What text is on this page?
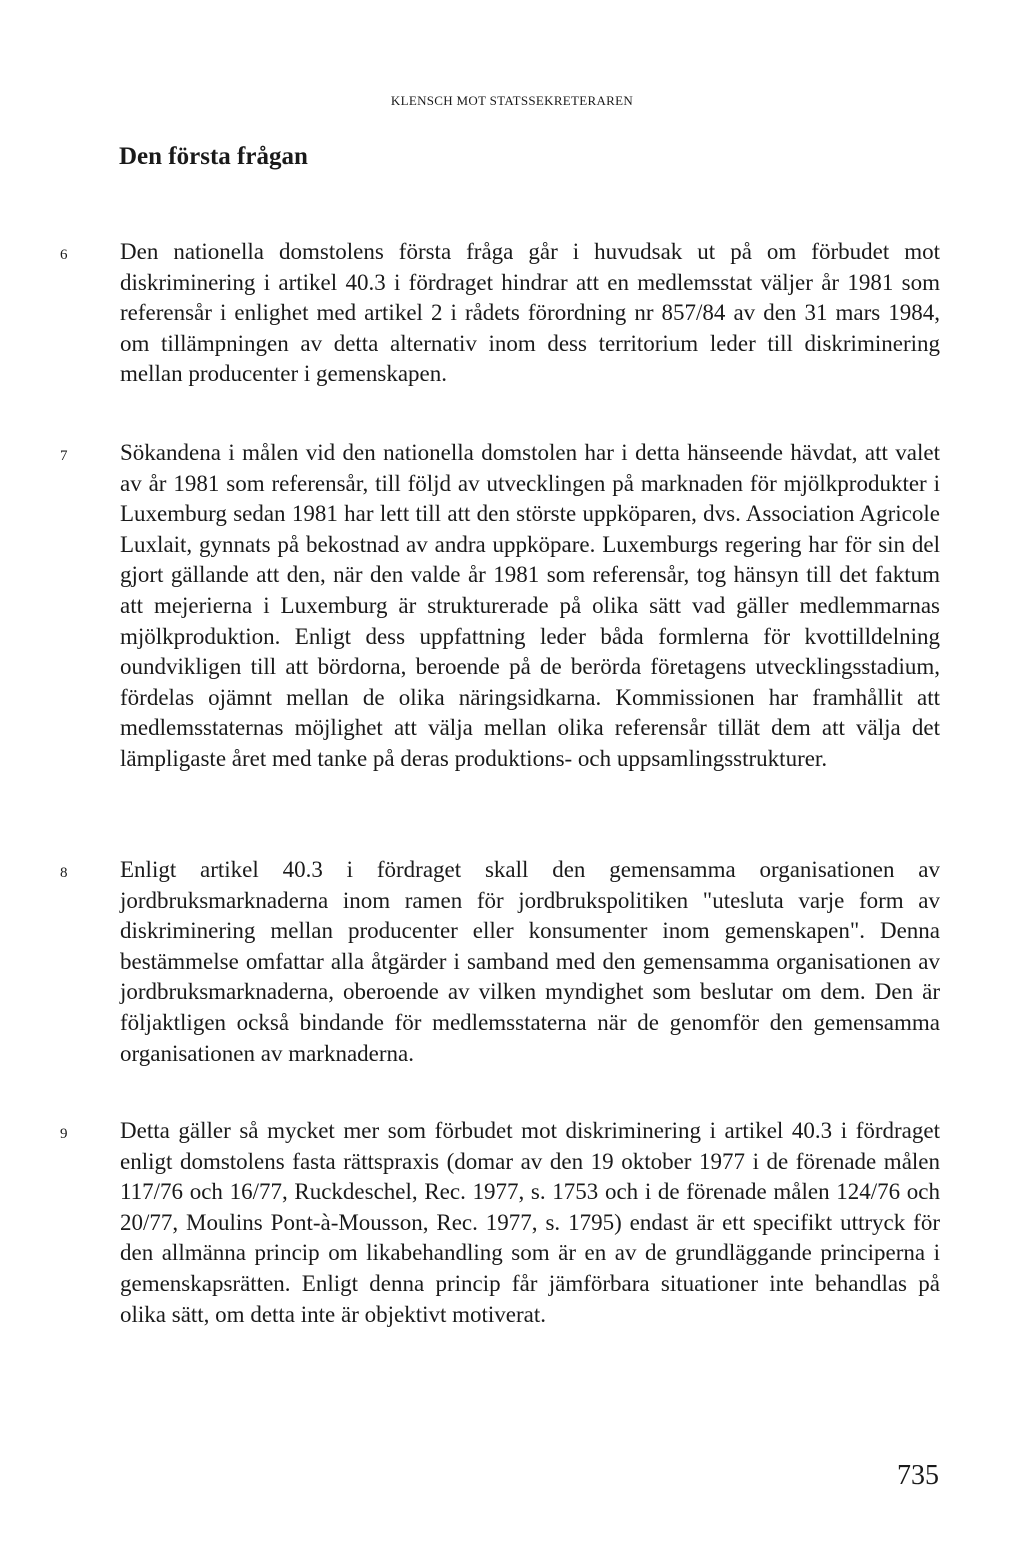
KLENSCH MOT STATSSEKRETERAREN
Den första frågan
6 Den nationella domstolens första fråga går i huvudsak ut på om förbudet mot diskriminering i artikel 40.3 i fördraget hindrar att en medlemsstat väljer år 1981 som referensår i enlighet med artikel 2 i rådets förordning nr 857/84 av den 31 mars 1984, om tillämpningen av detta alternativ inom dess territorium leder till diskriminering mellan producenter i gemenskapen.

7 Sökandena i målen vid den nationella domstolen har i detta hänseende hävdat, att valet av år 1981 som referensår, till följd av utvecklingen på marknaden för mjölkprodukter i Luxemburg sedan 1981 har lett till att den störste uppköparen, dvs. Association Agricole Luxlait, gynnats på bekostnad av andra uppköpare. Luxemburgs regering har för sin del gjort gällande att den, när den valde år 1981 som referensår, tog hänsyn till det faktum att mejerierna i Luxemburg är strukturerade på olika sätt vad gäller medlemmarnas mjölkproduktion. Enligt dess uppfattning leder båda formlerna för kvottilldelning oundvikligen till att bördorna, beroende på de berörda företagens utvecklingsstadium, fördelas ojämnt mellan de olika näringsidkarna. Kommissionen har framhållit att medlemsstaternas möjlighet att välja mellan olika referensår tillät dem att välja det lämpligaste året med tanke på deras produktions- och uppsamlingsstrukturer.

8 Enligt artikel 40.3 i fördraget skall den gemensamma organisationen av jordbruksmarknaderna inom ramen för jordbrukspolitiken "utesluta varje form av diskriminering mellan producenter eller konsumenter inom gemenskapen". Denna bestämmelse omfattar alla åtgärder i samband med den gemensamma organisationen av jordbruksmarknaderna, oberoende av vilken myndighet som beslutar om dem. Den är följaktligen också bindande för medlemsstaterna när de genomför den gemensamma organisationen av marknaderna.

9 Detta gäller så mycket mer som förbudet mot diskriminering i artikel 40.3 i fördraget enligt domstolens fasta rättspraxis (domar av den 19 oktober 1977 i de förenade målen 117/76 och 16/77, Ruckdeschel, Rec. 1977, s. 1753 och i de förenade målen 124/76 och 20/77, Moulins Pont-à-Mousson, Rec. 1977, s. 1795) endast är ett specifikt uttryck för den allmänna princip om likabehandling som är en av de grundläggande principerna i gemenskapsrätten. Enligt denna princip får jämförbara situationer inte behandlas på olika sätt, om detta inte är objektivt motiverat.

735
